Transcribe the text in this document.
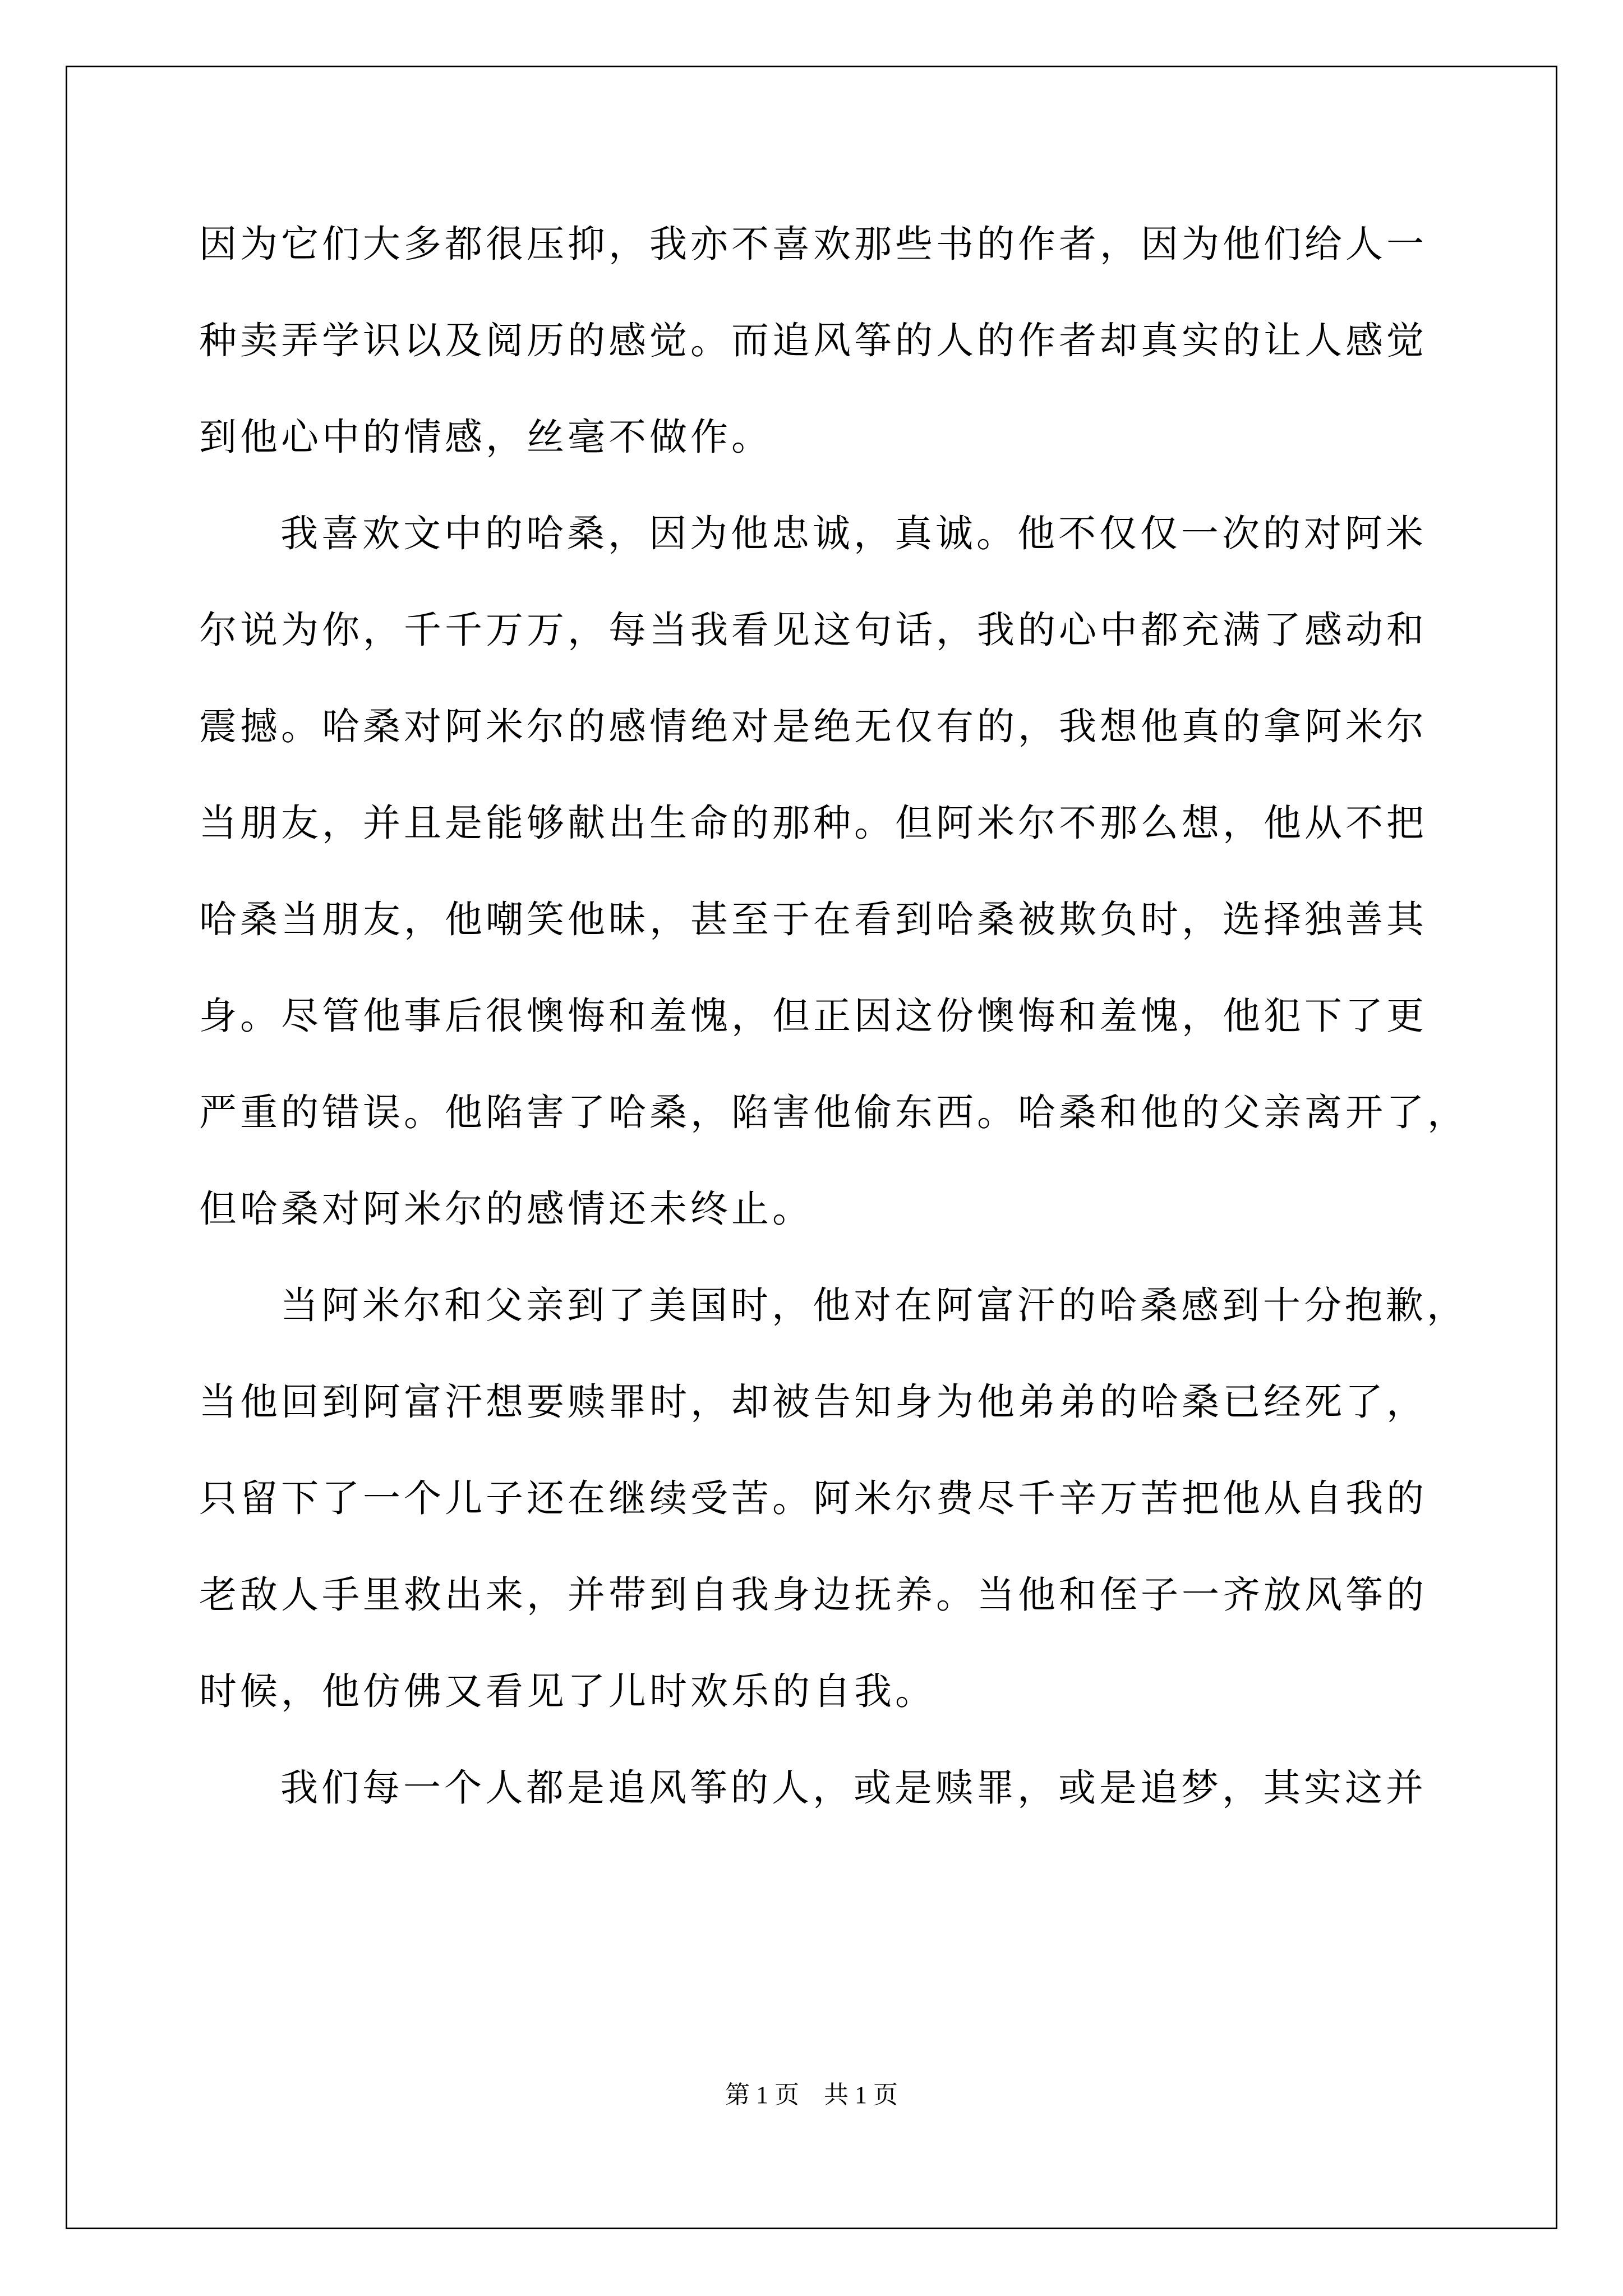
因为它们大多都很压抑，我亦不喜欢那些书的作者，因为他们给人一
种卖弄学识以及阅历的感觉。而追风筝的人的作者却真实的让人感觉
到他心中的情感，丝毫不做作。
我喜欢文中的哈桑，因为他忠诚，真诚。他不仅仅一次的对阿米
尔说为你，千千万万，每当我看见这句话，我的心中都充满了感动和
震撼。哈桑对阿米尔的感情绝对是绝无仅有的，我想他真的拿阿米尔
当朋友，并且是能够献出生命的那种。但阿米尔不那么想，他从不把
哈桑当朋友，他嘲笑他昧，甚至于在看到哈桑被欺负时，选择独善其
身。尽管他事后很懊悔和羞愧，但正因这份懊悔和羞愧，他犯下了更
严重的错误。他陷害了哈桑，陷害他偷东西。哈桑和他的父亲离开了，
但哈桑对阿米尔的感情还未终止。
当阿米尔和父亲到了美国时，他对在阿富汗的哈桑感到十分抱歉，
当他回到阿富汗想要赎罪时，却被告知身为他弟弟的哈桑已经死了，
只留下了一个儿子还在继续受苦。阿米尔费尽千辛万苦把他从自我的
老敌人手里救出来，并带到自我身边抚养。当他和侄子一齐放风筝的
时候，他仿佛又看见了儿时欢乐的自我。
我们每一个人都是追风筝的人，或是赎罪，或是追梦，其实这并
第 1 页　共 1 页
